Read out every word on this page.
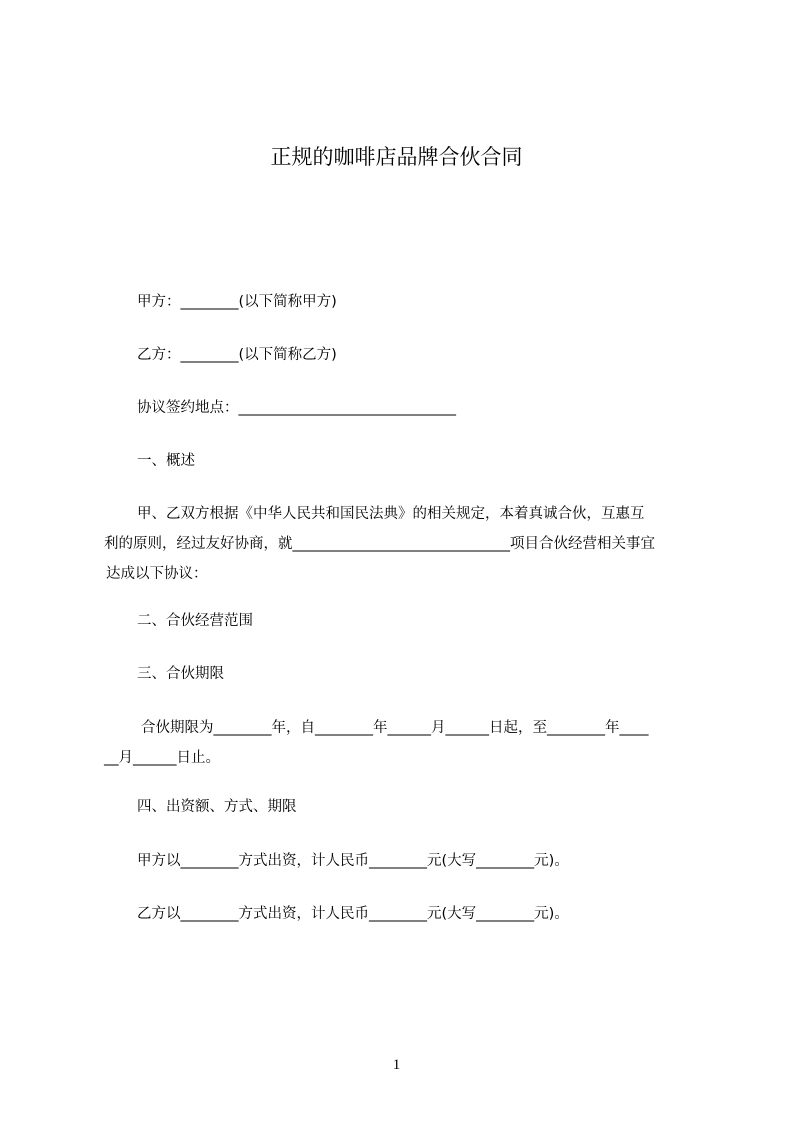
正规的咖啡店品牌合伙合同
甲方：________(以下简称甲方)
乙方：________(以下简称乙方)
协议签约地点：______________________________
一、概述
甲、乙双方根据《中华人民共和国民法典》的相关规定，本着真诚合伙，互惠互
利的原则，经过友好协商，就______________________________项目合伙经营相关事宜
达成以下协议：
二、合伙经营范围
三、合伙期限
合伙期限为________年，自________年______月______日起，至________年____
__月______日止。
四、出资额、方式、期限
甲方以________方式出资，计人民币________元(大写________元)。
乙方以________方式出资，计人民币________元(大写________元)。
1
